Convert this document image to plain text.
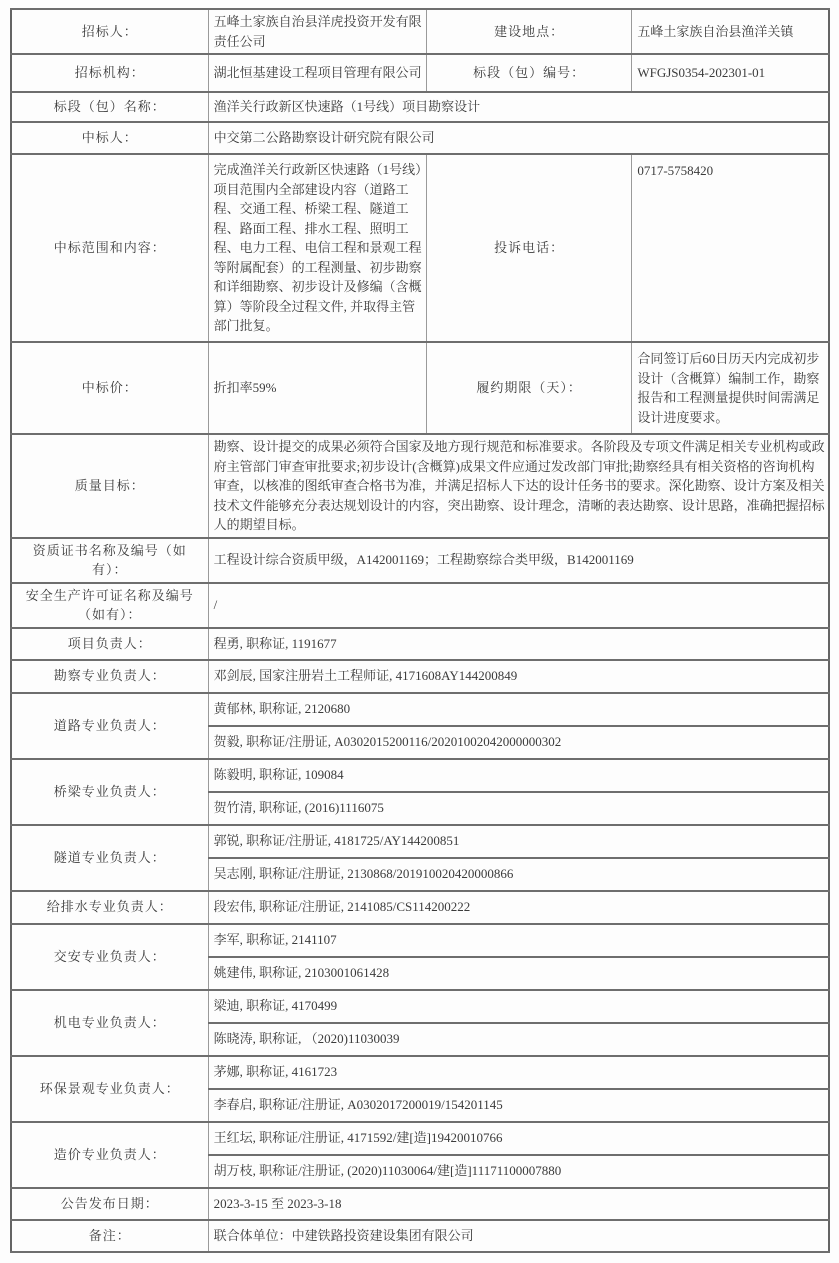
招标人：	五峰土家族自治县洋虎投资开发有限责任公司	建设地点：	五峰土家族自治县渔洋关镇
招标机构：	湖北恒基建设工程项目管理有限公司	标段（包）编号：	WFGJS0354-202301-01
标段（包）名称：	渔洋关行政新区快速路（1号线）项目勘察设计		
中标人：	中交第二公路勘察设计研究院有限公司		
中标范围和内容：	完成渔洋关行政新区快速路（1号线）项目范围内全部建设内容（道路工程、交通工程、桥梁工程、隧道工程、路面工程、排水工程、照明工程、电力工程、电信工程和景观工程等附属配套）的工程测量、初步勘察和详细勘察、初步设计及修编（含概算）等阶段全过程文件, 并取得主管部门批复。	投诉电话：	0717-5758420
中标价：	折扣率59%	履约期限（天）：	合同签订后60日历天内完成初步设计（含概算）编制工作，勘察报告和工程测量提供时间需满足设计进度要求。
质量目标：	勘察、设计提交的成果必须符合国家及地方现行规范和标准要求。各阶段及专项文件满足相关专业机构或政府主管部门审查审批要求;初步设计(含概算)成果文件应通过发改部门审批;勘察经具有相关资格的咨询机构审查，以核准的图纸审查合格书为准，并满足招标人下达的设计任务书的要求。深化勘察、设计方案及相关技术文件能够充分表达规划设计的内容，突出勘察、设计理念，清晰的表达勘察、设计思路，准确把握招标人的期望目标。		
资质证书名称及编号（如有）：	工程设计综合资质甲级，A142001169；工程勘察综合类甲级，B142001169		
安全生产许可证名称及编号（如有）：	/		
项目负责人：	程勇, 职称证, 1191677		
勘察专业负责人：	邓剑辰, 国家注册岩土工程师证, 4171608AY144200849		
道路专业负责人：	黄郁林, 职称证, 2120680		
	贺毅, 职称证/注册证, A0302015200116/20201002042000000302		
桥梁专业负责人：	陈毅明, 职称证, 109084		
	贺竹清, 职称证, (2016)1116075		
隧道专业负责人：	郭锐, 职称证/注册证, 4181725/AY144200851		
	吴志刚, 职称证/注册证, 2130868/201910020420000866		
给排水专业负责人：	段宏伟, 职称证/注册证, 2141085/CS114200222		
交安专业负责人：	李军, 职称证, 2141107		
	姚建伟, 职称证, 2103001061428		
机电专业负责人：	梁迪, 职称证, 4170499		
	陈晓涛, 职称证, （2020)11030039		
环保景观专业负责人：	茅娜, 职称证, 4161723		
	李春启, 职称证/注册证, A0302017200019/154201145		
造价专业负责人：	王红坛, 职称证/注册证, 4171592/建[造]19420010766		
	胡万枝, 职称证/注册证, (2020)11030064/建[造]11171100007880		
公告发布日期：	2023-3-15 至 2023-3-18		
备注：	联合体单位：中建铁路投资建设集团有限公司		
